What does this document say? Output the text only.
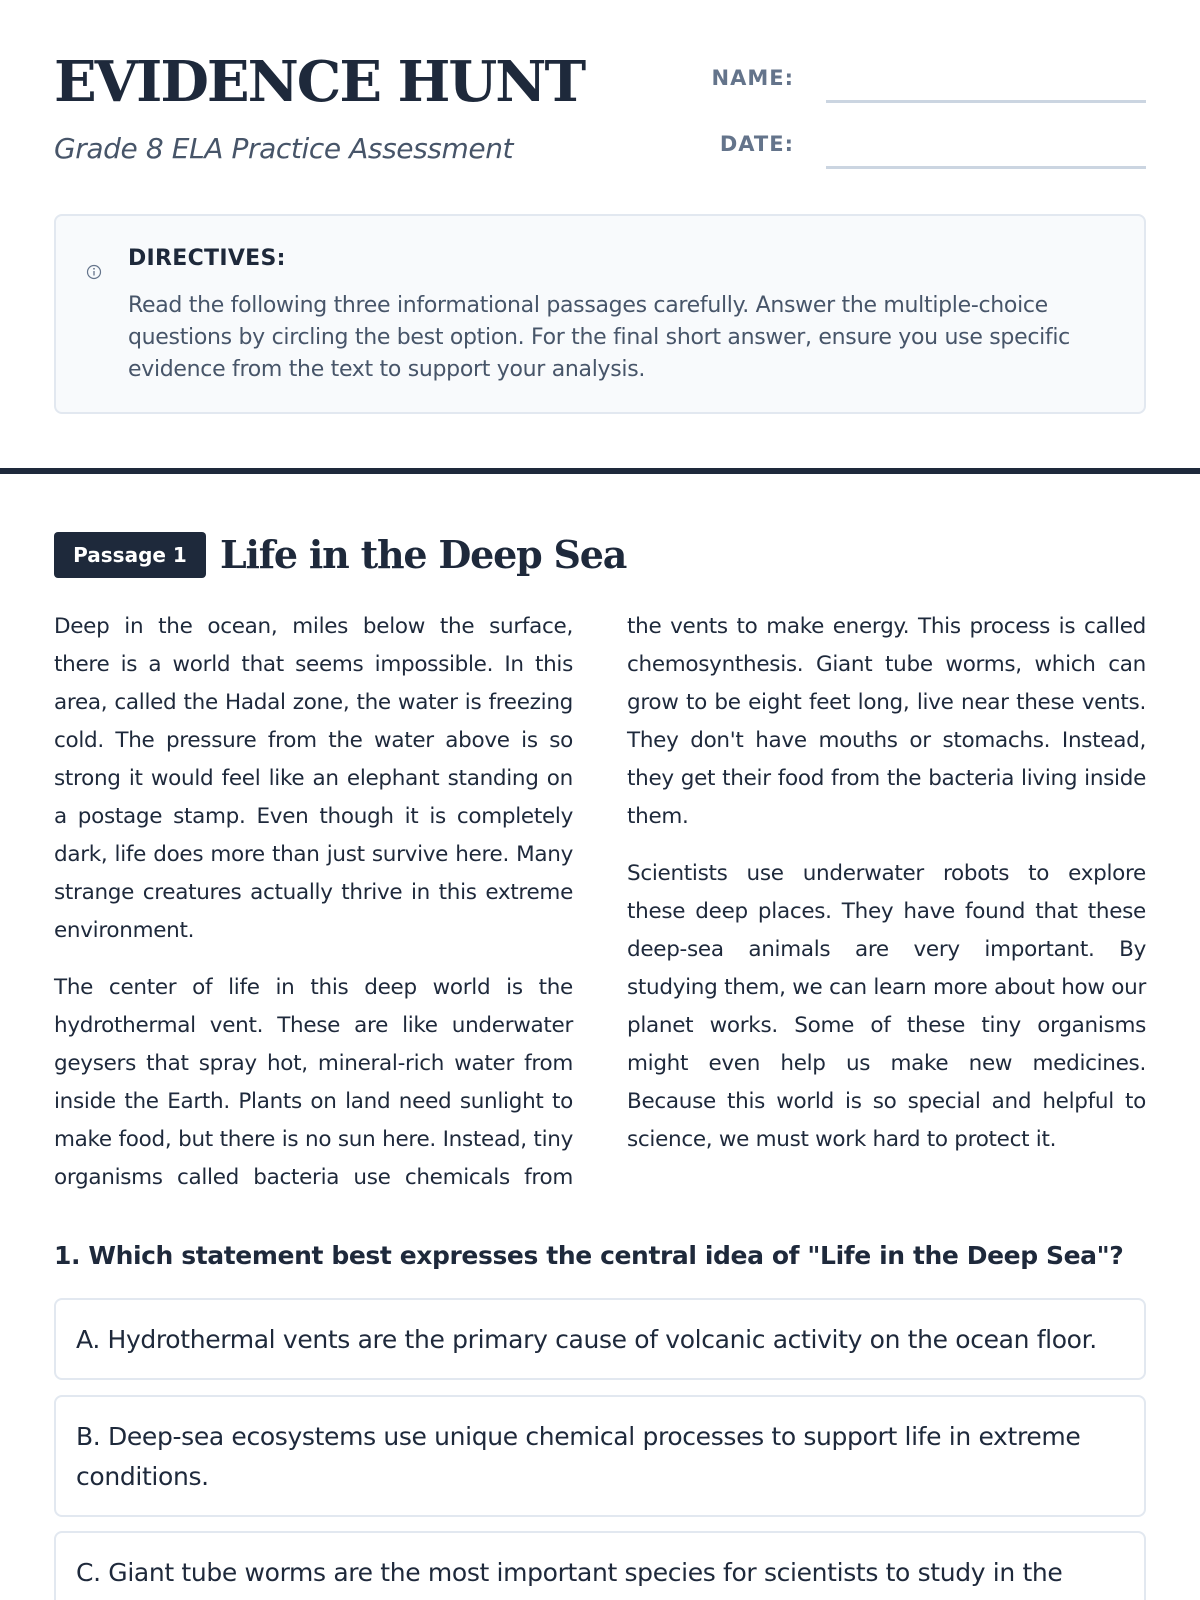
EVIDENCE HUNT
Grade 8 ELA Practice Assessment
NAME:
DATE:
DIRECTIVES:
Read the following three informational passages carefully. Answer the multiple-choice questions by circling the best option. For the final short answer, ensure you use specific evidence from the text to support your analysis.
Passage 1 Life in the Deep Sea

Deep in the ocean, miles below the surface, there is a world that seems impossible. In this area, called the Hadal zone, the water is freezing cold. The pressure from the water above is so strong it would feel like an elephant standing on a postage stamp. Even though it is completely dark, life does more than just survive here. Many strange creatures actually thrive in this extreme environment.

The center of life in this deep world is the hydrothermal vent. These are like underwater geysers that spray hot, mineral-rich water from inside the Earth. Plants on land need sunlight to make food, but there is no sun here. Instead, tiny organisms called bacteria use chemicals from the vents to make energy. This process is called chemosynthesis. Giant tube worms, which can grow to be eight feet long, live near these vents. They don't have mouths or stomachs. Instead, they get their food from the bacteria living inside them.

Scientists use underwater robots to explore these deep places. They have found that these deep-sea animals are very important. By studying them, we can learn more about how our planet works. Some of these tiny organisms might even help us make new medicines. Because this world is so special and helpful to science, we must work hard to protect it.

1. Which statement best expresses the central idea of "Life in the Deep Sea"?
A. Hydrothermal vents are the primary cause of volcanic activity on the ocean floor.
B. Deep-sea ecosystems use unique chemical processes to support life in extreme conditions.
C. Giant tube worms are the most important species for scientists to study in the
